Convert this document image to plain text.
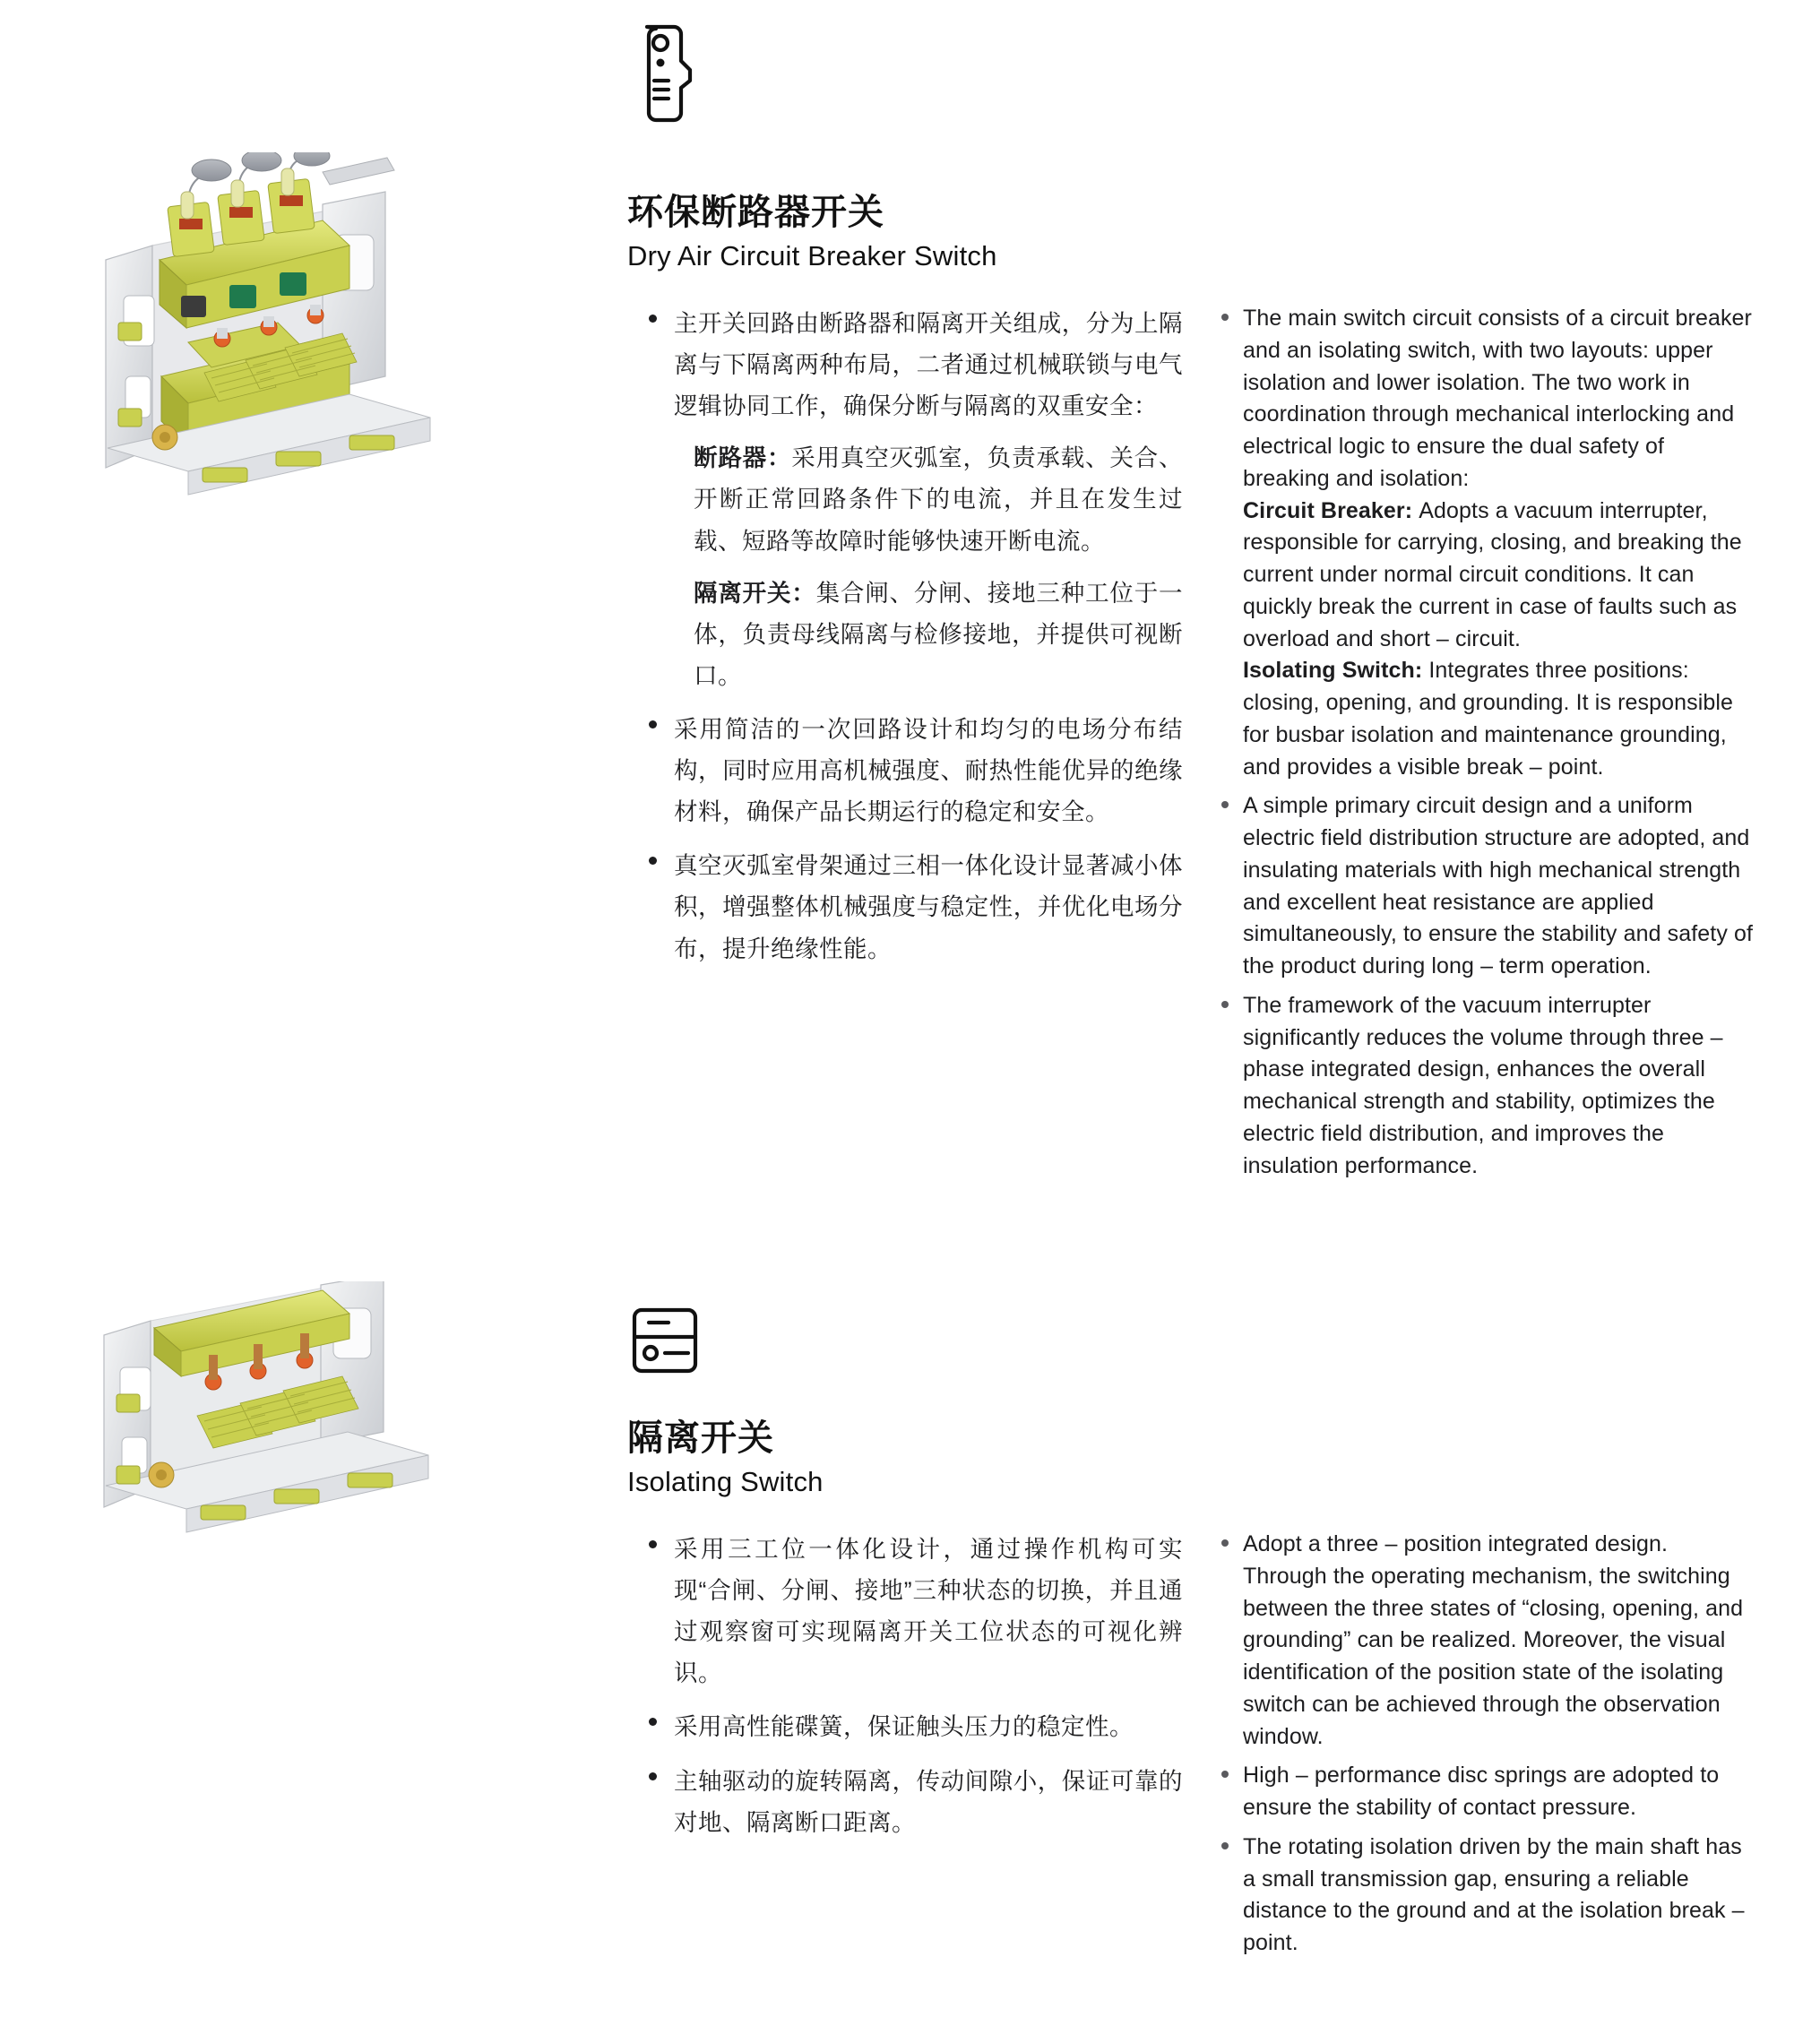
环保断路器开关
Dry Air Circuit Breaker Switch
主开关回路由断路器和隔离开关组成，分为上隔离与下隔离两种布局，二者通过机械联锁与电气逻辑协同工作，确保分断与隔离的双重安全：

断路器：采用真空灭弧室，负责承载、关合、开断正常回路条件下的电流，并且在发生过载、短路等故障时能够快速开断电流。

隔离开关：集合闸、分闸、接地三种工位于一体，负责母线隔离与检修接地，并提供可视断口。

采用简洁的一次回路设计和均匀的电场分布结构，同时应用高机械强度、耐热性能优异的绝缘材料，确保产品长期运行的稳定和安全。
真空灭弧室骨架通过三相一体化设计显著减小体积，增强整体机械强度与稳定性，并优化电场分布，提升绝缘性能。
The main switch circuit consists of a circuit breaker and an isolating switch, with two layouts: upper isolation and lower isolation. The two work in coordination through mechanical interlocking and electrical logic to ensure the dual safety of breaking and isolation:
Circuit Breaker: Adopts a vacuum interrupter, responsible for carrying, closing, and breaking the current under normal circuit conditions. It can quickly break the current in case of faults such as overload and short – circuit.
Isolating Switch: Integrates three positions: closing, opening, and grounding. It is responsible for busbar isolation and maintenance grounding, and provides a visible break – point.
A simple primary circuit design and a uniform electric field distribution structure are adopted, and insulating materials with high mechanical strength and excellent heat resistance are applied simultaneously, to ensure the stability and safety of the product during long – term operation.
The framework of the vacuum interrupter significantly reduces the volume through three – phase integrated design, enhances the overall mechanical strength and stability, optimizes the electric field distribution, and improves the insulation performance.
隔离开关
Isolating Switch
采用三工位一体化设计，通过操作机构可实现“合闸、分闸、接地”三种状态的切换，并且通过观察窗可实现隔离开关工位状态的可视化辨识。
采用高性能碟簧，保证触头压力的稳定性。
主轴驱动的旋转隔离，传动间隙小，保证可靠的对地、隔离断口距离。
Adopt a three – position integrated design. Through the operating mechanism, the switching between the three states of “closing, opening, and grounding” can be realized. Moreover, the visual identification of the position state of the isolating switch can be achieved through the observation window.
High – performance disc springs are adopted to ensure the stability of contact pressure.
The rotating isolation driven by the main shaft has a small transmission gap, ensuring a reliable distance to the ground and at the isolation break – point.
